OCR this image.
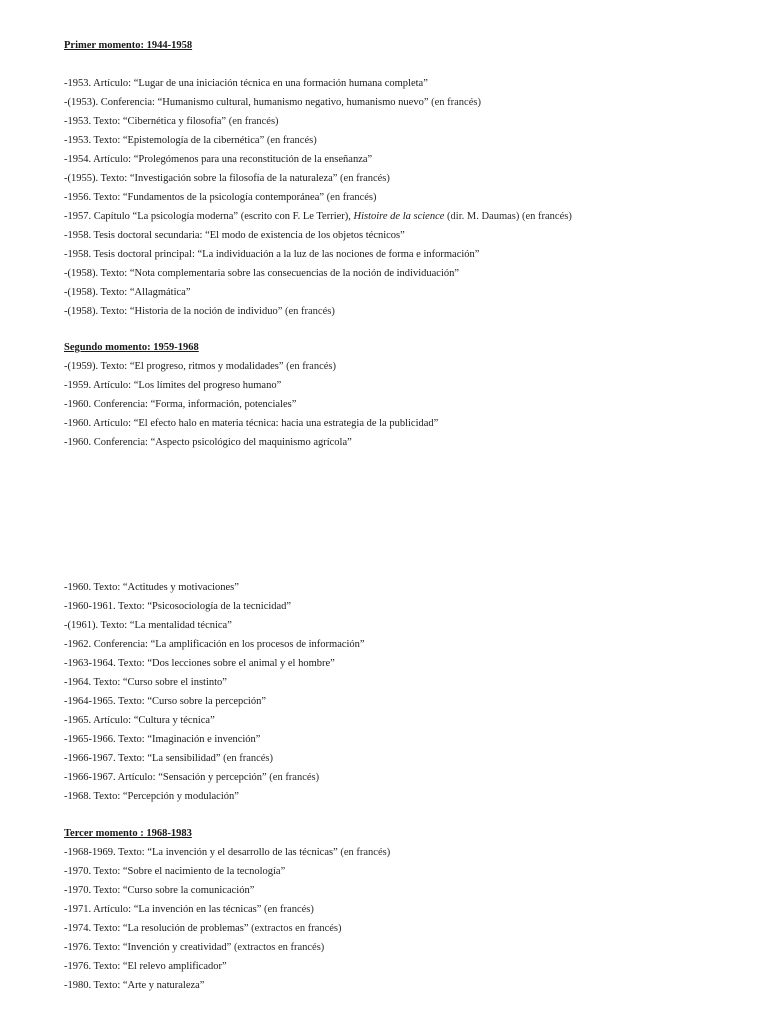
Primer momento: 1944-1958
-1953. Artículo: “Lugar de una iniciación técnica en una formación humana completa”
-(1953). Conferencia: “Humanismo cultural, humanismo negativo, humanismo nuevo” (en francés)
-1953. Texto: “Cibernética y filosofía” (en francés)
-1953. Texto: “Epistemología de la cibernética” (en francés)
-1954. Artículo: “Prolegómenos para una reconstitución de la enseñanza”
-(1955). Texto: “Investigación sobre la filosofía de la naturaleza” (en francés)
-1956. Texto: “Fundamentos de la psicología contemporánea” (en francés)
-1957. Capítulo “La psicología moderna” (escrito con F. Le Terrier), Histoire de la science (dir. M. Daumas) (en francés)
-1958. Tesis doctoral secundaria: “El modo de existencia de los objetos técnicos”
-1958. Tesis doctoral principal: “La individuación a la luz de las nociones de forma e información”
-(1958). Texto: “Nota complementaria sobre las consecuencias de la noción de individuación”
-(1958). Texto: “Allagmática”
-(1958). Texto: “Historia de la noción de individuo” (en francés)
Segundo momento: 1959-1968
-(1959). Texto: “El progreso, ritmos y modalidades” (en francés)
-1959. Artículo: “Los límites del progreso humano”
-1960. Conferencia: “Forma, información, potenciales”
-1960. Artículo: “El efecto halo en materia técnica: hacia una estrategia de la publicidad”
-1960. Conferencia: “Aspecto psicológico del maquinismo agrícola”
-1960. Texto: “Actitudes y motivaciones”
-1960-1961. Texto: “Psicosociología de la tecnicidad”
-(1961). Texto: “La mentalidad técnica”
-1962. Conferencia: “La amplificación en los procesos de información”
-1963-1964. Texto: “Dos lecciones sobre el animal y el hombre”
-1964. Texto: “Curso sobre el instinto”
-1964-1965. Texto: “Curso sobre la percepción”
-1965. Artículo: “Cultura y técnica”
-1965-1966. Texto: “Imaginación e invención”
-1966-1967. Texto: “La sensibilidad” (en francés)
-1966-1967. Artículo: “Sensación y percepción” (en francés)
-1968. Texto: “Percepción y modulación”
Tercer momento : 1968-1983
-1968-1969. Texto: “La invención y el desarrollo de las técnicas” (en francés)
-1970. Texto: “Sobre el nacimiento de la tecnología”
-1970. Texto: “Curso sobre la comunicación”
-1971. Artículo: “La invención en las técnicas” (en francés)
-1974. Texto: “La resolución de problemas” (extractos en francés)
-1976. Texto: “Invención y creatividad” (extractos en francés)
-1976. Texto: “El relevo amplificador”
-1980. Texto: “Arte y naturaleza”
